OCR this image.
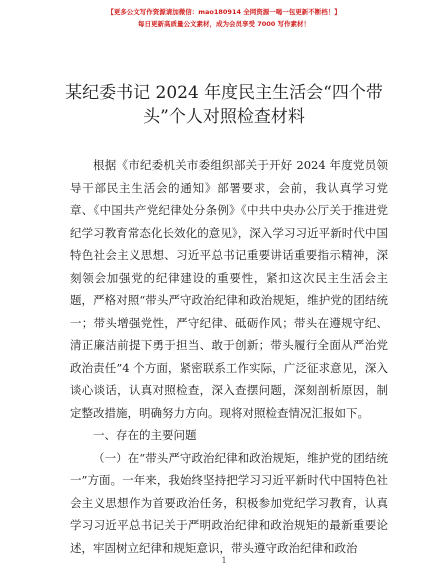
【更多公文写作资源请加微信：mao180914 全网资源一喝一包更新不断档！】
每日更新高质量公文素材，成为会员享受 7000 写作素材！
某纪委书记 2024 年度民主生活会“四个带
头”个人对照检查材料

根据《市纪委机关市委组织部关于开好 2024 年度党员领导干部民主生活会的通知》部署要求，会前，我认真学习党章、《中国共产党纪律处分条例》《中共中央办公厅关于推进党纪学习教育常态化长效化的意见》，深入学习习近平新时代中国特色社会主义思想、习近平总书记重要讲话重要指示精神，深刻领会加强党的纪律建设的重要性，紧扣这次民主生活会主题，严格对照“带头严守政治纪律和政治规矩，维护党的团结统一；带头增强党性，严守纪律、砥砺作风；带头在遵规守纪、清正廉洁前提下勇于担当、敢于创新；带头履行全面从严治党政治责任”4 个方面，紧密联系工作实际，广泛征求意见，深入谈心谈话，认真对照检查，深入查摆问题，深刻剖析原因，制定整改措施，明确努力方向。现将对照检查情况汇报如下。

一、存在的主要问题

（一）在“带头严守政治纪律和政治规矩，维护党的团结统一”方面。一年来，我始终坚持把学习习近平新时代中国特色社会主义思想作为首要政治任务，积极参加党纪学习教育，认真学习习近平总书记关于严明政治纪律和政治规矩的最新重要论述，牢固树立纪律和规矩意识，带头遵守政治纪律和政治

1
